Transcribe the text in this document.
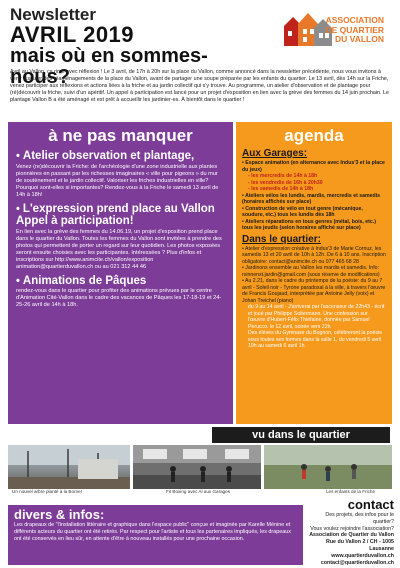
Newsletter
AVRIL 2019
mais où en sommes-nous?
ASSOCIATION
DE QUARTIER
DU VALLON

Avril au Vallon, ça rime avec réflexion ! Le 3 avril, de 17h à 20h sur la place du Vallon, comme annoncé dans la newsletter précédente, nous vous invitons à venir discuter des réaménagements de la place du Vallon, avant de partager une soupe préparée par les enfants du quartier. Le 13 avril, dès 14h sur la Friche, venez participer aux réflexions et actions liées à la friche et au jardin collectif qui s'y trouve. Au programme, un atelier d'observation et de plantage pour (ré)découvrir la friche, suivi d'un apéritif. Un appel à participation est lancé pour un projet d'exposition en lien avec la grève des femmes du 14 juin prochain. Le plantage Vallon B a été aménagé et est prêt à accueillir les jardinier-es. À bientôt dans le quartier !

à ne pas manquer
• Atelier observation et plantage,
Venez (re)découvrir la Friche: de l'archéologie d'une zone industrielle aux plantes pionnières en passant par les richesses imaginaires « ville pour pigeons » du mur de soutènement et le jardin collectif. Valoriser les friches industrielles en ville? Pourquoi sont-elles si importantes? Rendez-vous à la Friche le samedi 13 avril de 14h à 18h!
• L'expression prend place au Vallon Appel à participation!
En lien avec la grève des femmes du 14.06.19, un projet d'exposition prend place dans le quartier du Vallon. Toutes les femmes du Vallon sont invitées à prendre des photos qui permettent de porter un regard sur leur quotidien. Les photos exposées seront ensuite choisies avec les participantes. Intéressées ? Plus d'infos et inscriptions sur http://www.animcite.ch/vallon/exposition animation@quartierduvallon.ch ou au 021 312 44 46
• Animations de Pâques
rendez-vous dans le quartier pour profiter des animations prévues par le centre d'Animation Cité-Vallon dans le cadre des vacances de Pâques les 17-18-19 et 24-25-26 avril de 14h à 18h.
agenda
Aux Garages:
• Espace animation (en alternance avec Indus'3 et la place du jeux)
- les mercredis de 14h à 18h
- les vendredis de 16h à 20h30
- les samedis de 14h à 18h
• Ateliers vélos les lundis, mardis, mercredis et samedis (horaires affichés sur place)
• Construction de vélo en tout genre (mécanique, soudure, etc.) tous les lundis dès 18h
• Ateliers réparations en tous genres (métal, bois, etc.) tous les jeudis (selon horaires affiché sur place)
Dans le quartier:
• Atelier d'expression créative à Indus'3 de Marie Cornuz, les samedis 13 et 20 avril de 10h à 12h. De 6 à 10 ans. Inscription obligatoire: contact@animcite.ch ou 077 465 68 28
• Jardinons ensemble au Vallon les mardis et samedis. Info: rsinnenst.jardin@gmail.com (sous réserve de modifications)
• Au 2.21, dans le cadre du printemps de la poésie: du 9 au 7 avril - Soleil noir - Tyrone paradoxal à la ville, à travers l'œuvre de Francis Goujaud, interprétée par Antoine Jelly (voix) et Johan Treichel (piano)
du 9 au 14 avril - J'arriverai par l'ascenseur de 22h43 - écrit et joué par Philippe Soltermann. Une confession sur l'œuvre d'Hubert-Félix Thiéfaine, donnée par Samuel Perucco. le 12 avril, soirée vers 22h
Des élèves du Gymnase du Bugnon, célèbreront la poésie sous toutes ses formes dans la salle 1, du vendredi 5 avril 19h au samedi 6 avril 1h
vu dans le quartier
Un nouvel arbre planté à la Borne!	Fit Boxing avec Al aux Garages	Les enfants de la Friche
divers & infos:
Les drapeaux de "l'installation littéraire et graphique dans l'espace public" conçue et imaginée par Karelle Ménine et différents acteurs du quartier ont été retirés. Par respect pour l'artiste et tous les partenaires impliqués, les drapeaux ont été conservés en lieu sûr, en attente d'être à nouveau installés pour une prochaine occasion.
contact
Des projets, des infos pour le quartier?
Vous voulez rejoindre l'association?
Association de Quartier du Vallon
Rue du Vallon 2 / CH - 1005 Lausanne
www.quartierduvallon.ch
contact@quartierduvallon.ch
